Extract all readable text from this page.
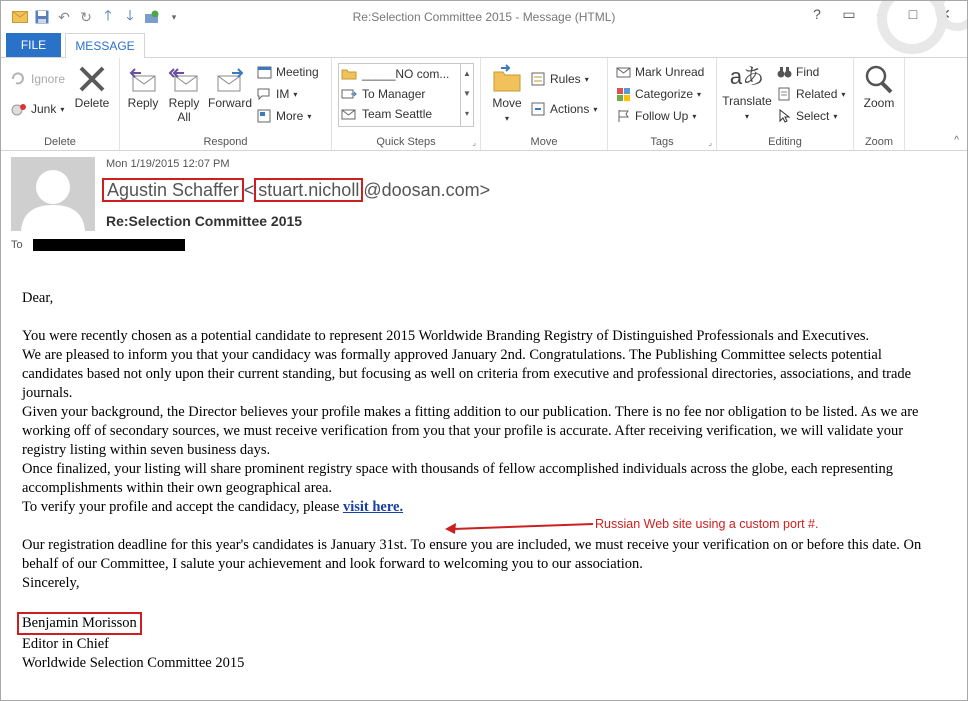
↶ ↻ 🡑	🡓	▾	Re:Selection Committee 2015 - Message (HTML)	?	▭	–	□	✕
FILE	MESSAGE
Ignore
Junk ▾ Delete
Delete
Reply Reply
All
Forward
Meeting
IM ▾
More ▾
Respond	Quick Steps	⌟
_____NO com...
To Manager
Team Seattle
▲
▼
▾
Move
▾
Rules ▾
Actions ▾
Move
Mark Unread
Categorize ▾
Follow Up ▾
Tags	⌟
aあ
Translate
▾
Find
Related ▾
Select ▾
Editing
Zoom
Zoom	^
Mon 1/19/2015 12:07 PM
Agustin Schaffer < stuart.nicholl @doosan.com>
Re:Selection Committee 2015
To

Dear,

You were recently chosen as a potential candidate to represent 2015 Worldwide Branding Registry of Distinguished Professionals and Executives.

We are pleased to inform you that your candidacy was formally approved January 2nd. Congratulations. The Publishing Committee selects potential candidates based not only upon their current standing, but focusing as well on criteria from executive and professional directories, associations, and trade journals.

Given your background, the Director believes your profile makes a fitting addition to our publication. There is no fee nor obligation to be listed. As we are working off of secondary sources, we must receive verification from you that your profile is accurate. After receiving verification, we will validate your registry listing within seven business days.

Once finalized, your listing will share prominent registry space with thousands of fellow accomplished individuals across the globe, each representing accomplishments within their own geographical area.

To verify your profile and accept the candidacy, please visit here.

Our registration deadline for this year's candidates is January 31st. To ensure you are included, we must receive your verification on or before this date. On behalf of our Committee, I salute your achievement and look forward to welcoming you to our association.

Sincerely,

Benjamin Morisson

Editor in Chief

Worldwide Selection Committee 2015

Russian Web site using a custom port #.
